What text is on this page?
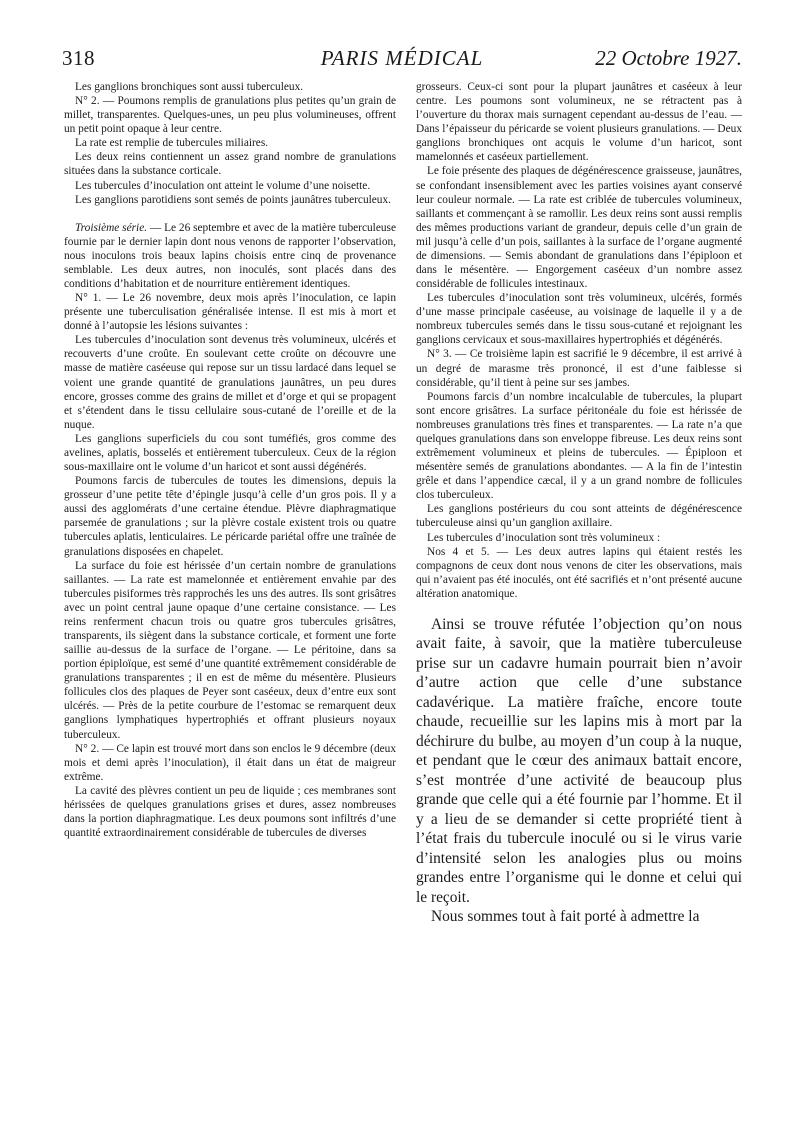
318	PARIS MÉDICAL	22 Octobre 1927.

Les ganglions bronchiques sont aussi tuberculeux.

N° 2. — Poumons remplis de granulations plus petites qu’un grain de millet, transparentes. Quelques-unes, un peu plus volumineuses, offrent un petit point opaque à leur centre.

La rate est remplie de tubercules miliaires.

Les deux reins contiennent un assez grand nombre de granulations situées dans la substance corticale.

Les tubercules d’inoculation ont atteint le volume d’une noisette.

Les ganglions parotidiens sont semés de points jaunâtres tuberculeux.

Troisième série. — Le 26 septembre et avec de la matière tuberculeuse fournie par le dernier lapin dont nous venons de rapporter l’observation, nous inoculons trois beaux lapins choisis entre cinq de provenance semblable. Les deux autres, non inoculés, sont placés dans des conditions d’habitation et de nourriture entièrement identiques.

N° 1. — Le 26 novembre, deux mois après l’inoculation, ce lapin présente une tuberculisation généralisée intense. Il est mis à mort et donné à l’autopsie les lésions suivantes :

Les tubercules d’inoculation sont devenus très volumineux, ulcérés et recouverts d’une croûte. En soulevant cette croûte on découvre une masse de matière caséeuse qui repose sur un tissu lardacé dans lequel se voient une grande quantité de granulations jaunâtres, un peu dures encore, grosses comme des grains de millet et d’orge et qui se propagent et s’étendent dans le tissu cellulaire sous-cutané de l’oreille et de la nuque.

Les ganglions superficiels du cou sont tuméfiés, gros comme des avelines, aplatis, bosselés et entièrement tuberculeux. Ceux de la région sous-maxillaire ont le volume d’un haricot et sont aussi dégénérés.

Poumons farcis de tubercules de toutes les dimensions, depuis la grosseur d’une petite tête d’épingle jusqu’à celle d’un gros pois. Il y a aussi des agglomérats d’une certaine étendue. Plèvre diaphragmatique parsemée de granulations ; sur la plèvre costale existent trois ou quatre tubercules aplatis, lenticulaires. Le péricarde pariétal offre une traînée de granulations disposées en chapelet.

La surface du foie est hérissée d’un certain nombre de granulations saillantes. — La rate est mamelonnée et entièrement envahie par des tubercules pisiformes très rapprochés les uns des autres. Ils sont grisâtres avec un point central jaune opaque d’une certaine consistance. — Les reins renferment chacun trois ou quatre gros tubercules grisâtres, transparents, ils siègent dans la substance corticale, et forment une forte saillie au-dessus de la surface de l’organe. — Le péritoine, dans sa portion épiploïque, est semé d’une quantité extrêmement considérable de granulations transparentes ; il en est de même du mésentère. Plusieurs follicules clos des plaques de Peyer sont caséeux, deux d’entre eux sont ulcérés. — Près de la petite courbure de l’estomac se remarquent deux ganglions lymphatiques hypertrophiés et offrant plusieurs noyaux tuberculeux.

N° 2. — Ce lapin est trouvé mort dans son enclos le 9 décembre (deux mois et demi après l’inoculation), il était dans un état de maigreur extrême.

La cavité des plèvres contient un peu de liquide ; ces membranes sont hérissées de quelques granulations grises et dures, assez nombreuses dans la portion diaphragmatique. Les deux poumons sont infiltrés d’une quantité extraordinairement considérable de tubercules de diverses

grosseurs. Ceux-ci sont pour la plupart jaunâtres et caséeux à leur centre. Les poumons sont volumineux, ne se rétractent pas à l’ouverture du thorax mais surnagent cependant au-dessus de l’eau. — Dans l’épaisseur du péricarde se voient plusieurs granulations. — Deux ganglions bronchiques ont acquis le volume d’un haricot, sont mamelonnés et caséeux partiellement.

Le foie présente des plaques de dégénérescence graisseuse, jaunâtres, se confondant insensiblement avec les parties voisines ayant conservé leur couleur normale. — La rate est criblée de tubercules volumineux, saillants et commençant à se ramollir. Les deux reins sont aussi remplis des mêmes productions variant de grandeur, depuis celle d’un grain de mil jusqu’à celle d’un pois, saillantes à la surface de l’organe augmenté de dimensions. — Semis abondant de granulations dans l’épiploon et dans le mésentère. — Engorgement caséeux d’un nombre assez considérable de follicules intestinaux.

Les tubercules d’inoculation sont très volumineux, ulcérés, formés d’une masse principale caséeuse, au voisinage de laquelle il y a de nombreux tubercules semés dans le tissu sous-cutané et rejoignant les ganglions cervicaux et sous-maxillaires hypertrophiés et dégénérés.

N° 3. — Ce troisième lapin est sacrifié le 9 décembre, il est arrivé à un degré de marasme très prononcé, il est d’une faiblesse si considérable, qu’il tient à peine sur ses jambes.

Poumons farcis d’un nombre incalculable de tubercules, la plupart sont encore grisâtres. La surface péritonéale du foie est hérissée de nombreuses granulations très fines et transparentes. — La rate n’a que quelques granulations dans son enveloppe fibreuse. Les deux reins sont extrêmement volumineux et pleins de tubercules. — Épiploon et mésentère semés de granulations abondantes. — A la fin de l’intestin grêle et dans l’appendice cæcal, il y a un grand nombre de follicules clos tuberculeux.

Les ganglions postérieurs du cou sont atteints de dégénérescence tuberculeuse ainsi qu’un ganglion axillaire.

Les tubercules d’inoculation sont très volumineux :

Nos 4 et 5. — Les deux autres lapins qui étaient restés les compagnons de ceux dont nous venons de citer les observations, mais qui n’avaient pas été inoculés, ont été sacrifiés et n’ont présenté aucune altération anatomique.

Ainsi se trouve réfutée l’objection qu’on nous avait faite, à savoir, que la matière tuberculeuse prise sur un cadavre humain pourrait bien n’avoir d’autre action que celle d’une substance cadavérique. La matière fraîche, encore toute chaude, recueillie sur les lapins mis à mort par la déchirure du bulbe, au moyen d’un coup à la nuque, et pendant que le cœur des animaux battait encore, s’est montrée d’une activité de beaucoup plus grande que celle qui a été fournie par l’homme. Et il y a lieu de se demander si cette propriété tient à l’état frais du tubercule inoculé ou si le virus varie d’intensité selon les analogies plus ou moins grandes entre l’organisme qui le donne et celui qui le reçoit.

Nous sommes tout à fait porté à admettre la
